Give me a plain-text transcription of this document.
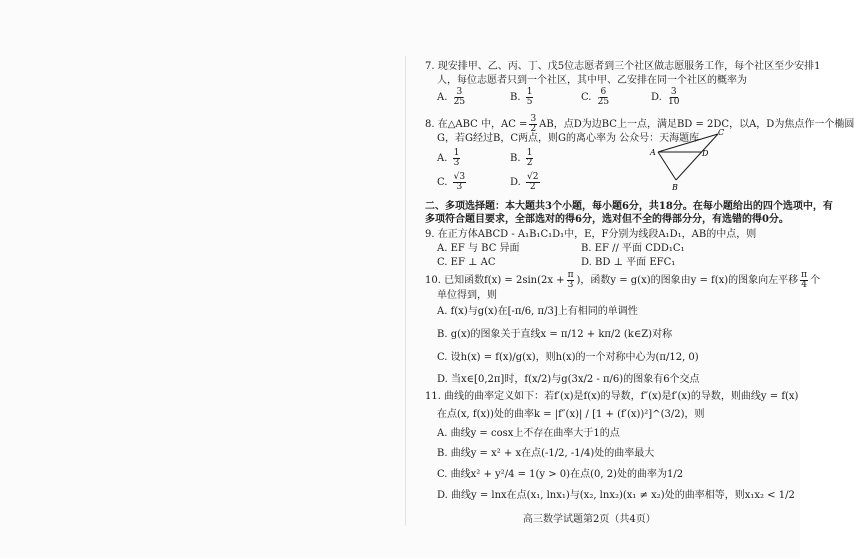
7. 现安排甲、乙、丙、丁、戊5位志愿者到三个社区做志愿服务工作，每个社区至少安排1
人，每位志愿者只到一个社区，其中甲、乙安排在同一个社区的概率为
A. $\frac{3}{25}$	B. $\frac{1}{5}$	C. $\frac{6}{25}$	D. $\frac{3}{10}$
8. 在△ABC 中，AC = $\frac{3}{2}$ AB，点D为边BC上一点，满足BD = 2DC，以A，D为焦点作一个椭圆
G，若G经过B，C两点，则G的离心率为 公众号：天海题库
A. $\frac{1}{3}$	B. $\frac{1}{2}$
C. $\frac{√3}{3}$	D. $\frac{√2}{2}$
A
C
D
B
二、多项选择题：本大题共3个小题，每小题6分，共18分。在每小题给出的四个选项中，有
多项符合题目要求，全部选对的得6分，选对但不全的得部分分，有选错的得0分。
9. 在正方体ABCD - A₁B₁C₁D₁中，E，F分别为线段A₁D₁，AB的中点，则
A. EF 与 BC 异面	B. EF // 平面 CDD₁C₁
C. EF ⊥ AC	D. BD ⊥ 平面 EFC₁
10. 已知函数$f(x) = 2\sin(2x + \frac{\pi}{3}$ )，函数y = g(x)的图象由y = f(x)的图象向左平移 $\frac{\pi}{4}$ 个
单位得到，则
A. f(x)与g(x)在[-π/6, π/3]上有相同的单调性
B. g(x)的图象关于直线x = π/12 + kπ/2 (k∈Z)对称
C. 设h(x) = f(x)/g(x)，则h(x)的一个对称中心为(π/12, 0)
D. 当x∈[0,2π]时，f(x/2)与g(3x/2 - π/6)的图象有6个交点
11. 曲线的曲率定义如下：若f′(x)是f(x)的导数，f″(x)是f′(x)的导数，则曲线y = f(x)
在点(x, f(x))处的曲率k = |f″(x)| / [1 + (f′(x))²]^(3/2)，则
A. 曲线y = cosx上不存在曲率大于1的点
B. 曲线y = x² + x在点(-1/2, -1/4)处的曲率最大
C. 曲线x² + y²/4 = 1(y > 0)在点(0, 2)处的曲率为1/2
D. 曲线y = lnx在点(x₁, lnx₁)与(x₂, lnx₂)(x₁ ≠ x₂)处的曲率相等，则x₁x₂ < 1/2
高三数学试题第2页（共4页）
